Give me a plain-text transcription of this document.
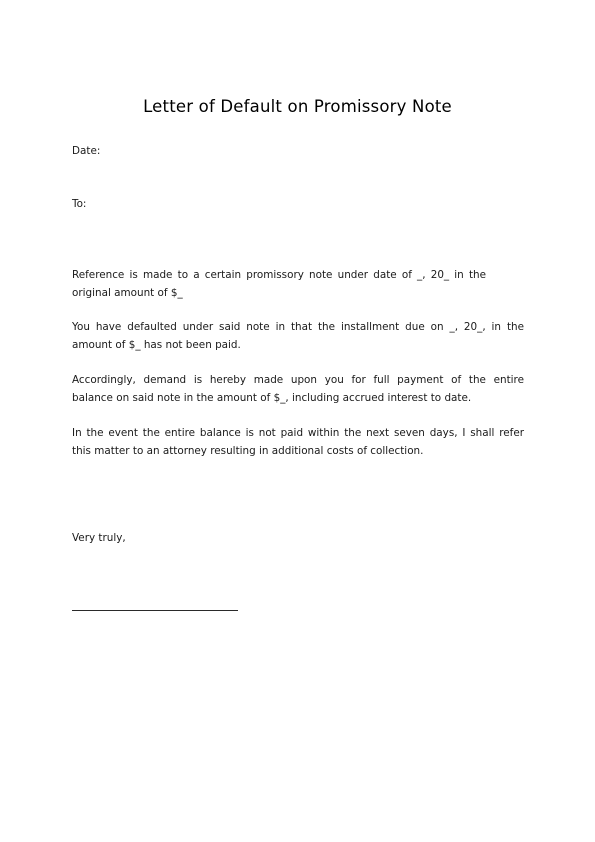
Letter of Default on Promissory Note
Date:
To:
Reference is made to a certain promissory note under date of _, 20_ in the
original amount of $_
You have defaulted under said note in that the installment due on _, 20_, in the
amount of $_ has not been paid.
Accordingly, demand is hereby made upon you for full payment of the entire
balance on said note in the amount of $_, including accrued interest to date.
In the event the entire balance is not paid within the next seven days, I shall refer
this matter to an attorney resulting in additional costs of collection.
Very truly,
